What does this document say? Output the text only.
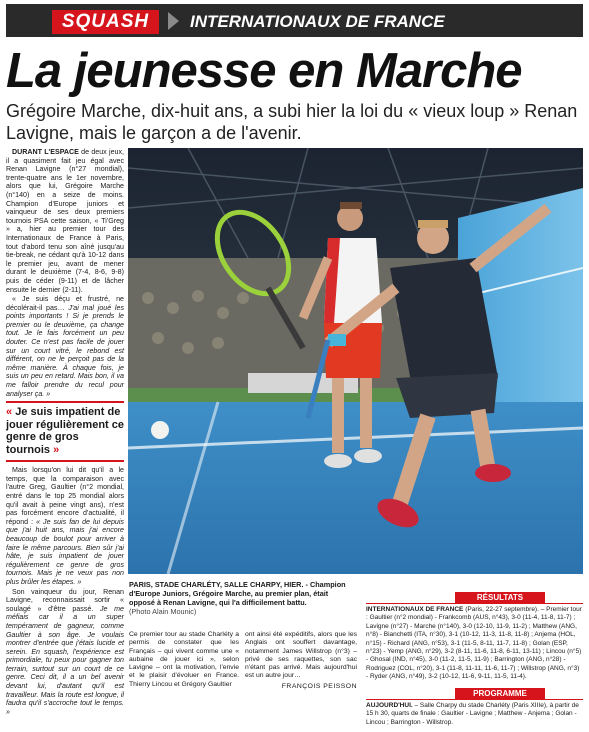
SQUASH	INTERNATIONAUX DE FRANCE
La jeunesse en Marche
Grégoire Marche, dix-huit ans, a subi hier la loi du « vieux loup » Renan Lavigne, mais le garçon a de l'avenir.

DURANT L'ESPACE de deux jeux, il a quasiment fait jeu égal avec Renan Lavigne (n°27 mondial), trente-quatre ans le 1er novembre, alors que lui, Grégoire Marche (n°140) en a seize de moins. Champion d'Europe juniors et vainqueur de ses deux premiers tournois PSA cette saison, « Ti'Greg » a, hier au premier tour des Internationaux de France à Paris, tout d'abord tenu son aîné jusqu'au tie-break, ne cédant qu'à 10-12 dans le premier jeu, avant de mener durant le deuxième (7-4, 8-6, 9-8) puis de céder (9-11) et de lâcher ensuite le dernier (2-11).

« Je suis déçu et frustré, ne décolérait-il pas… J'ai mal joué les points importants ! Si je prends le premier ou le deuxième, ça change tout. Je le fais forcément un peu douter. Ce n'est pas facile de jouer sur un court vitré, le rebond est différent, on ne le perçoit pas de la même manière. À chaque fois, je suis un peu en retard. Mais bon, il va me falloir prendre du recul pour analyser ça. »

« Je suis impatient de jouer régulièrement ce genre de gros tournois »

Mais lorsqu'on lui dit qu'il a le temps, que la comparaison avec l'autre Greg, Gaultier (n°2 mondial, entré dans le top 25 mondial alors qu'il avait à peine vingt ans), n'est pas forcément encore d'actualité, il répond : « Je suis fan de lui depuis que j'ai huit ans, mais j'ai encore beaucoup de boulot pour arriver à faire le même parcours. Bien sûr j'ai hâte, je suis impatient de jouer régulièrement ce genre de gros tournois. Mais je ne veux pas non plus brûler les étapes. »

Son vainqueur du jour, Renan Lavigne, reconnaissait sortir « soulagé » d'être passé. Je me méfiais car il a un super tempérament de gagneur, comme Gaultier à son âge. Je voulais montrer d'entrée que j'étais lucide et serein. En squash, l'expérience est primordiale, tu peux pour gagner ton terrain, surtout sur un court de ce genre. Ceci dit, il a un bel avenir devant lui, d'autant qu'il est travailleur. Mais la route est longue, il faudra qu'il s'accroche tout le temps. »

PARIS, STADE CHARLÉTY, SALLE CHARPY, HIER. - Champion d'Europe Juniors, Grégoire Marche, au premier plan, était opposé à Renan Lavigne, qui l'a difficilement battu.
(Photo Alain Mounic)

Ce premier tour au stade Charléty a permis de constater que les Français – qui vivent comme une « aubaine de jouer ici », selon Lavigne – ont la motivation, l'envie et le plaisir d'évoluer en France. Thierry Lincou et Grégory Gaultier

ont ainsi été expéditifs, alors que les Anglais ont souffert davantage, notamment James Willstrop (n°3) – privé de ses raquettes, son sac n'étant pas arrivé. Mais aujourd'hui est un autre jour…

FRANÇOIS PEISSON
RÉSULTATS
INTERNATIONAUX DE FRANCE (Paris, 22-27 septembre). – Premier tour : Gaultier (n°2 mondial) - Frankcomb (AUS, n°43), 3-0 (11-4, 11-8, 11-7) ; Lavigne (n°27) - Marche (n°140), 3-0 (12-10, 11-9, 11-2) ; Matthew (ANG, n°8) - Bianchetti (ITA, n°30), 3-1 (10-12, 11-3, 11-8, 11-8) ; Anjema (HOL, n°15) - Richard (ANG, n°53), 3-1 (11-5, 8-11, 11-7, 11-8) ; Golan (ESP, n°23) - Yemp (ANG, n°29), 3-2 (8-11, 11-6, 11-8, 6-11, 13-11) ; Lincou (n°5) - Ghosal (IND, n°45), 3-0 (11-2, 11-5, 11-9) ; Barrington (ANG, n°28) - Rodriguez (COL, n°20), 3-1 (11-8, 11-11, 11-6, 11-7) ; Willstrop (ANG, n°3) - Ryder (ANG, n°49), 3-2 (10-12, 11-6, 9-11, 11-5, 11-4).
PROGRAMME
AUJOURD'HUI. – Salle Charpy du stade Charléty (Paris XIIIe), à partir de 15 h 30, quarts de finale : Gaultier - Lavigne ; Matthew - Anjema ; Golan - Lincou ; Barrington - Willstrop.
